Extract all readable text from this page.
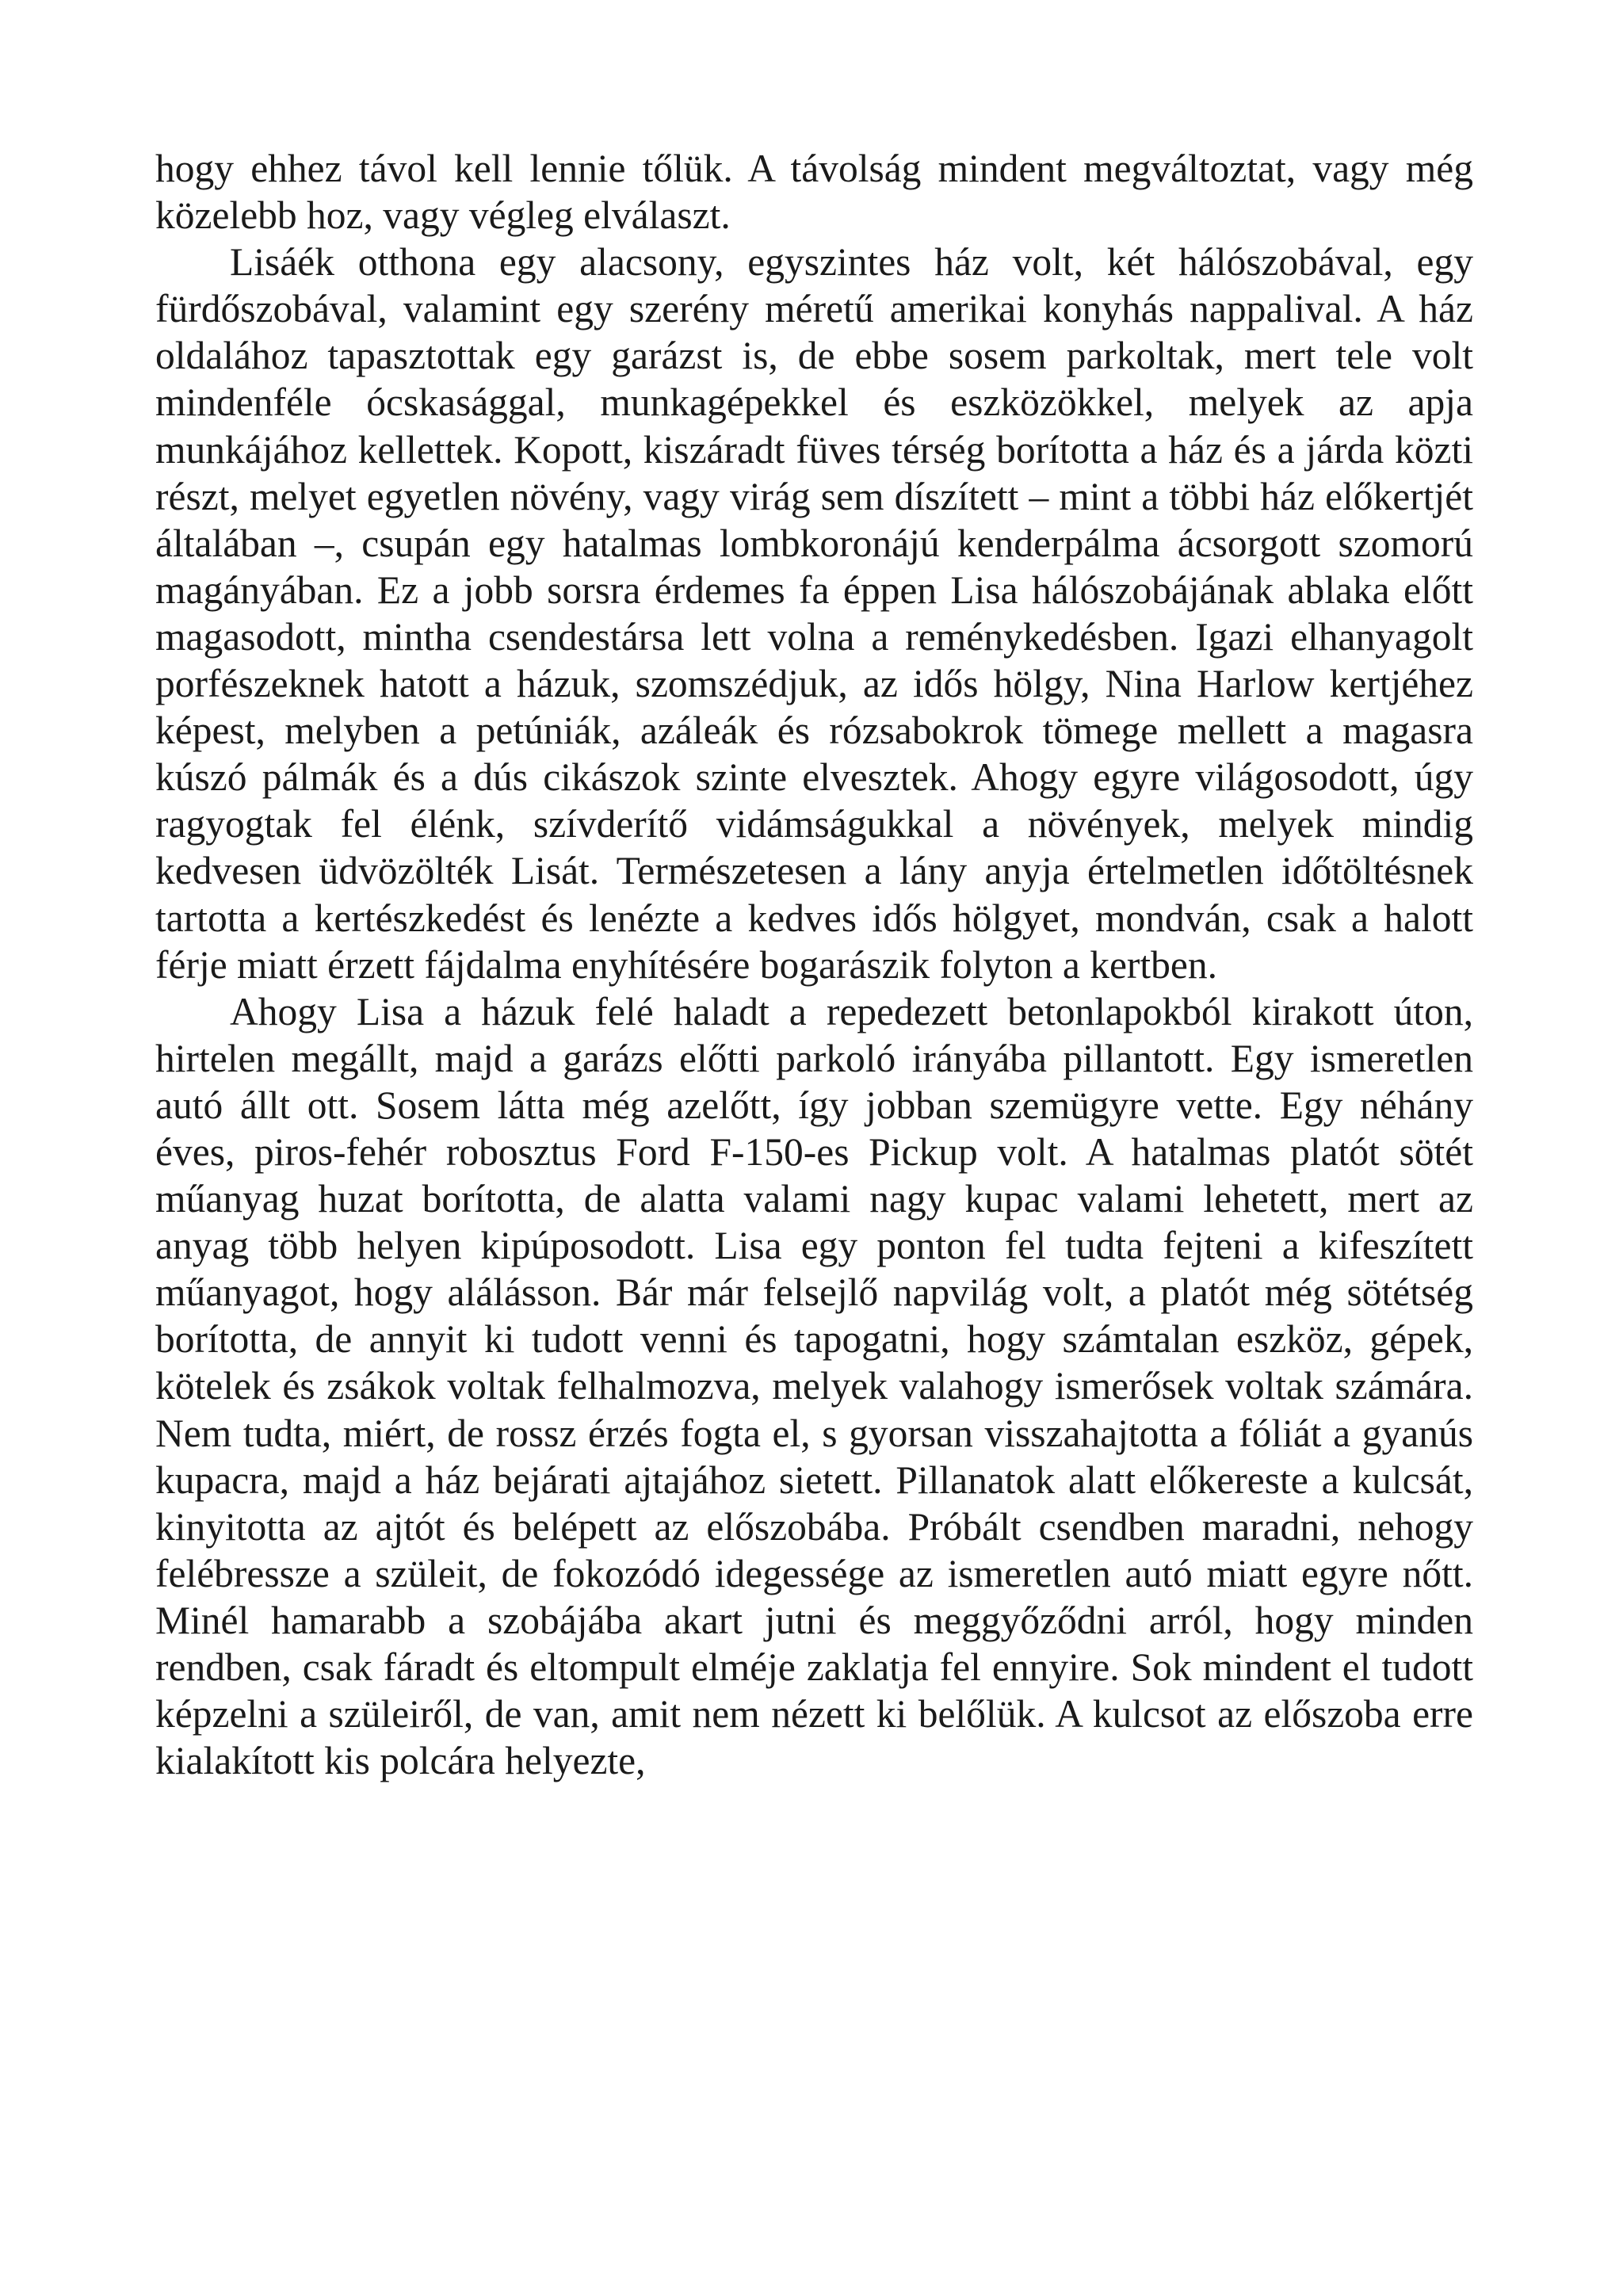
hogy ehhez távol kell lennie tőlük. A távolság mindent megváltoztat, vagy még közelebb hoz, vagy végleg elválaszt.

Lisáék otthona egy alacsony, egyszintes ház volt, két hálószobával, egy fürdőszobával, valamint egy szerény méretű amerikai konyhás nappalival. A ház oldalához tapasztottak egy garázst is, de ebbe sosem parkoltak, mert tele volt mindenféle ócskasággal, munkagépekkel és eszközökkel, melyek az apja munkájához kellettek. Kopott, kiszáradt füves térség borította a ház és a járda közti részt, melyet egyetlen növény, vagy virág sem díszített – mint a többi ház előkertjét általában –, csupán egy hatalmas lombkoronájú kenderpálma ácsorgott szomorú magányában. Ez a jobb sorsra érdemes fa éppen Lisa hálószobájának ablaka előtt magasodott, mintha csendestársa lett volna a reménykedésben. Igazi elhanyagolt porfészeknek hatott a házuk, szomszédjuk, az idős hölgy, Nina Harlow kertjéhez képest, melyben a petúniák, azáleák és rózsabokrok tömege mellett a magasra kúszó pálmák és a dús cikászok szinte elvesztek. Ahogy egyre világosodott, úgy ragyogtak fel élénk, szívderítő vidámságukkal a növények, melyek mindig kedvesen üdvözölték Lisát. Természetesen a lány anyja értelmetlen időtöltésnek tartotta a kertészkedést és lenézte a kedves idős hölgyet, mondván, csak a halott férje miatt érzett fájdalma enyhítésére bogarászik folyton a kertben.

Ahogy Lisa a házuk felé haladt a repedezett betonlapokból kirakott úton, hirtelen megállt, majd a garázs előtti parkoló irányába pillantott. Egy ismeretlen autó állt ott. Sosem látta még azelőtt, így jobban szemügyre vette. Egy néhány éves, piros-fehér robosztus Ford F-150-es Pickup volt. A hatalmas platót sötét műanyag huzat borította, de alatta valami nagy kupac valami lehetett, mert az anyag több helyen kipúposodott. Lisa egy ponton fel tudta fejteni a kifeszített műanyagot, hogy alálásson. Bár már felsejlő napvilág volt, a platót még sötétség borította, de annyit ki tudott venni és tapogatni, hogy számtalan eszköz, gépek, kötelek és zsákok voltak felhalmozva, melyek valahogy ismerősek voltak számára. Nem tudta, miért, de rossz érzés fogta el, s gyorsan visszahajtotta a fóliát a gyanús kupacra, majd a ház bejárati ajtajához sietett. Pillanatok alatt előkereste a kulcsát, kinyitotta az ajtót és belépett az előszobába. Próbált csendben maradni, nehogy felébressze a szüleit, de fokozódó idegessége az ismeretlen autó miatt egyre nőtt. Minél hamarabb a szobájába akart jutni és meggyőződni arról, hogy minden rendben, csak fáradt és eltompult elméje zaklatja fel ennyire. Sok mindent el tudott képzelni a szüleiről, de van, amit nem nézett ki belőlük. A kulcsot az előszoba erre kialakított kis polcára helyezte,
